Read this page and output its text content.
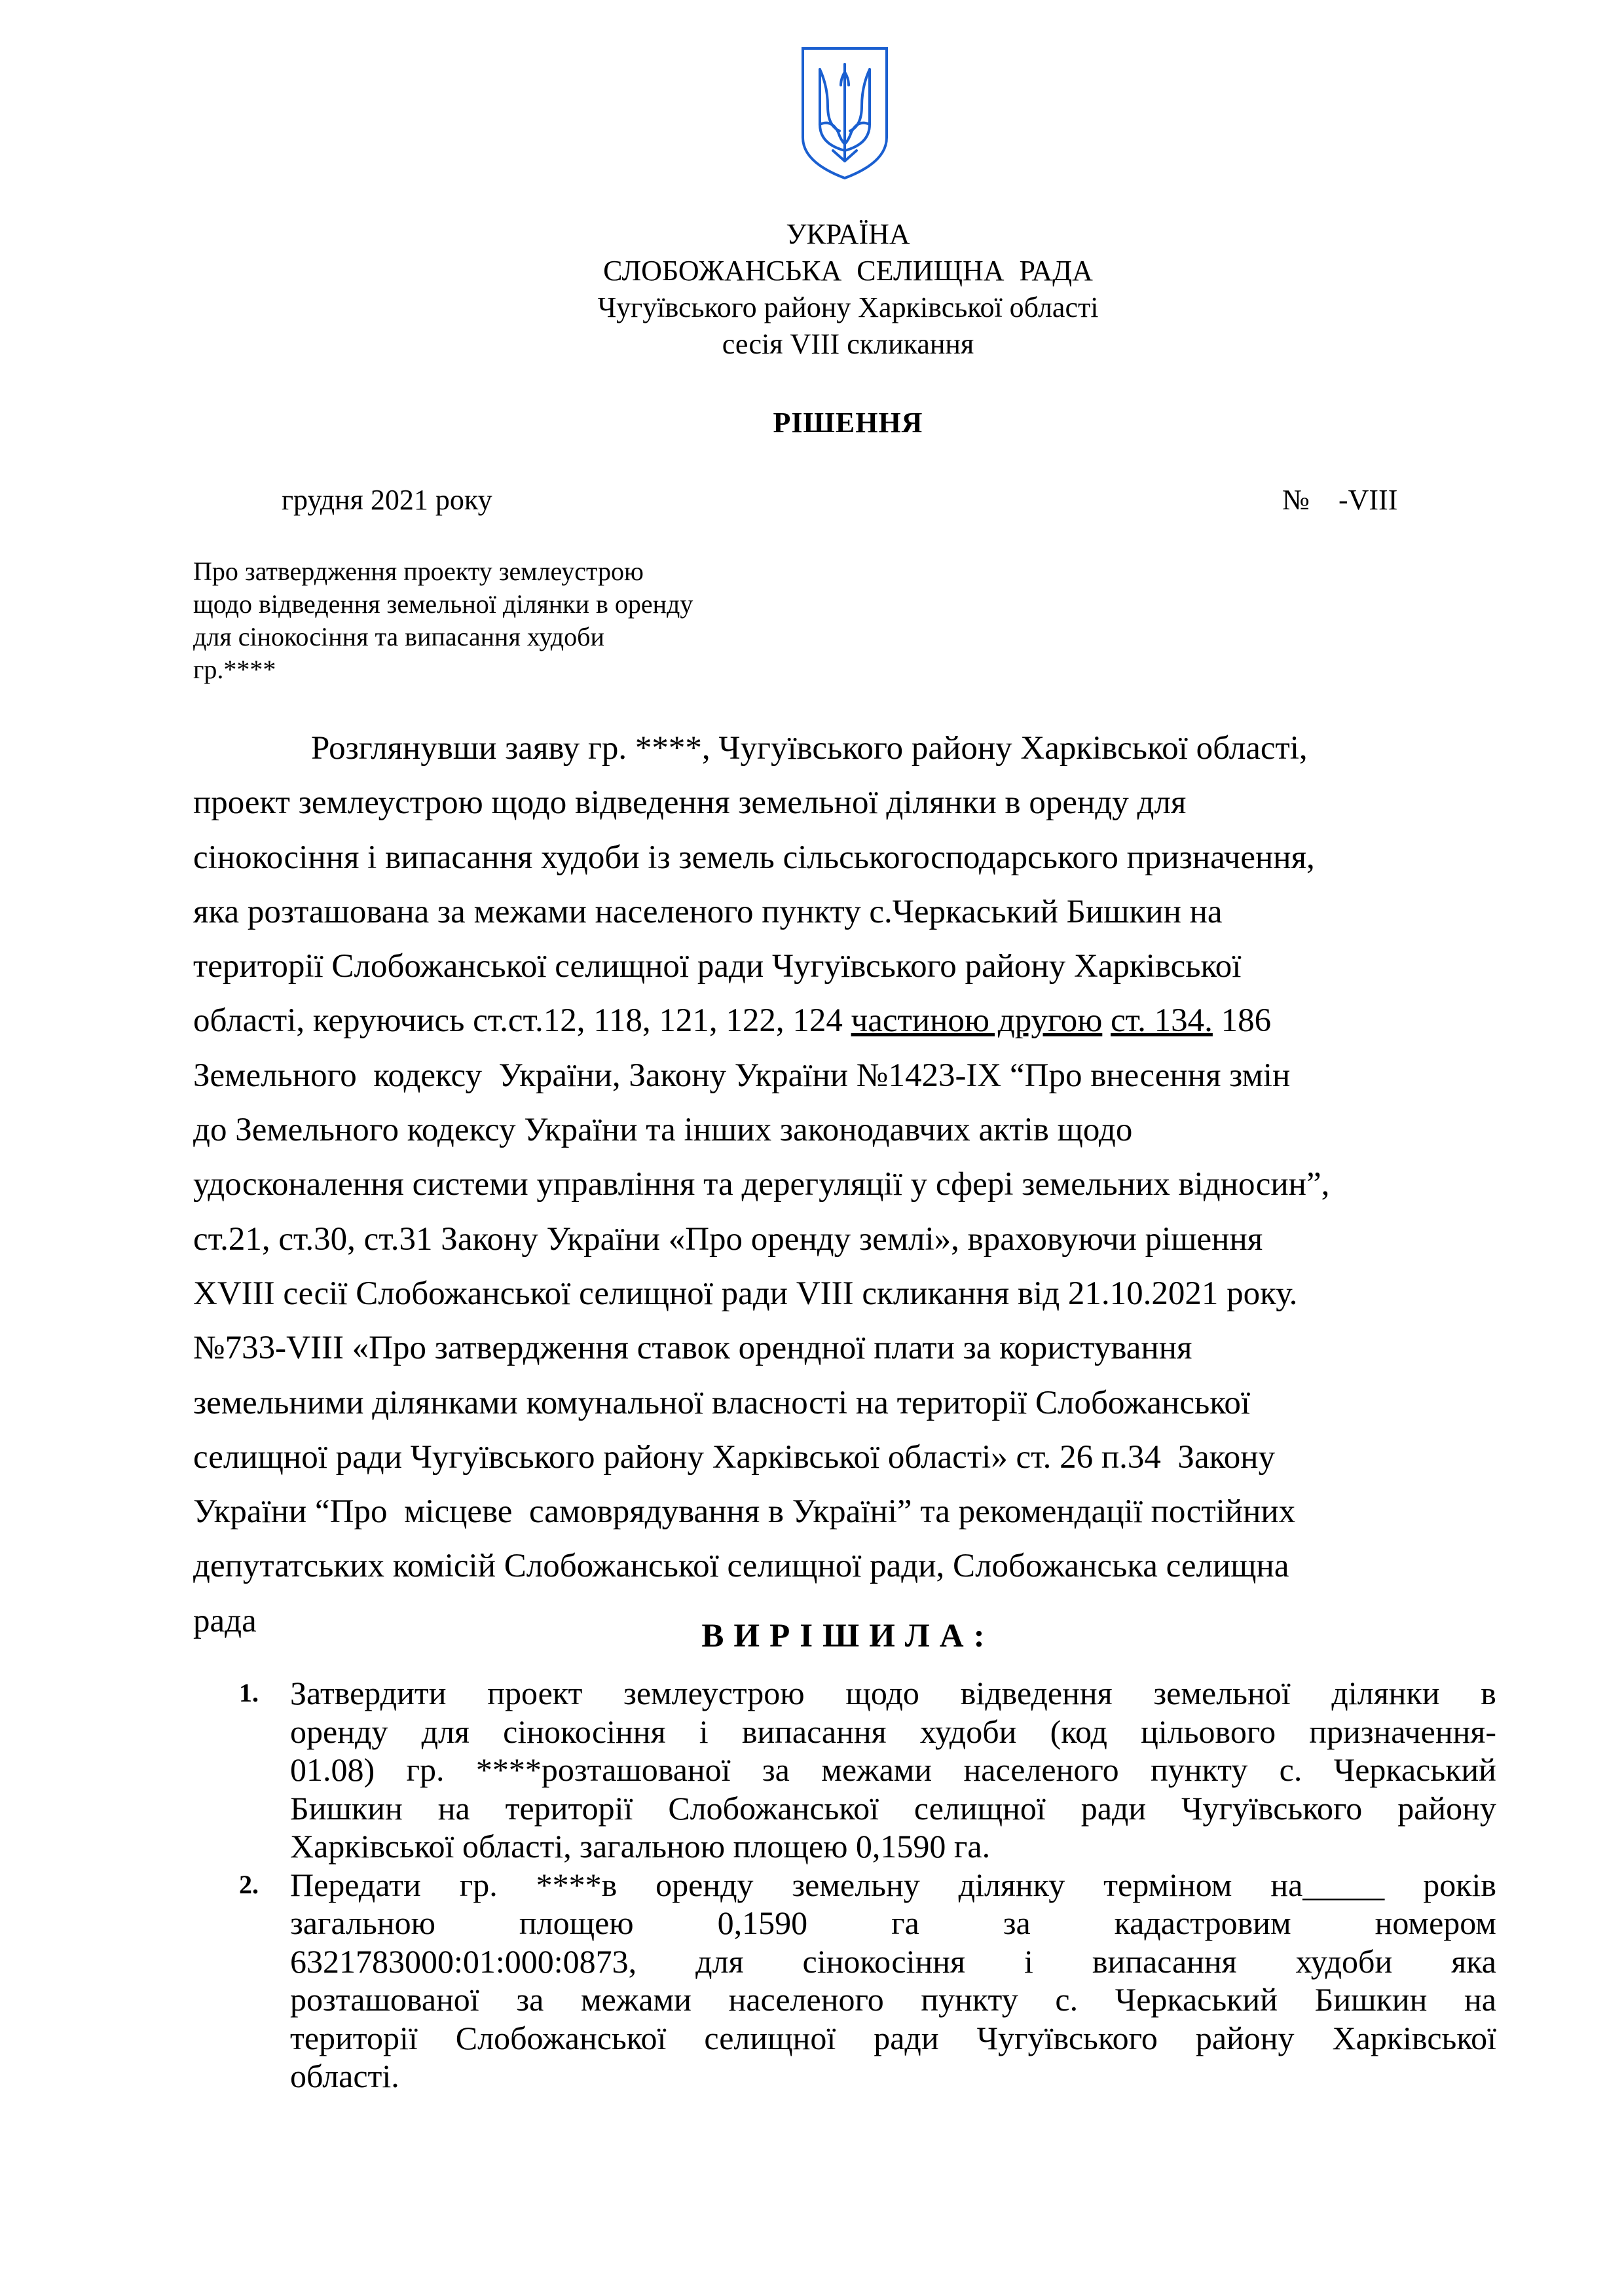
УКРАЇНА
СЛОБОЖАНСЬКА СЕЛИЩНА РАДА
Чугуївського району Харківської області
сесія VIII скликання
РІШЕННЯ
грудня 2021 року	№    -VIII
Про затвердження проекту землеустрою
щодо відведення земельної ділянки в оренду
для сінокосіння та випасання худоби
гр.****
Розглянувши заяву гр. ****, Чугуївського району Харківської області,
проект землеустрою щодо відведення земельної ділянки в оренду для
сінокосіння і випасання худоби із земель сільськогосподарського призначення,
яка розташована за межами населеного пункту с.Черкаський Бишкин на
території Слобожанської селищної ради Чугуївського району Харківської
області, керуючись ст.ст.12, 118, 121, 122, 124 частиною другою ст. 134. 186
Земельного  кодексу  України, Закону України №1423-IX “Про внесення змін
до Земельного кодексу України та інших законодавчих актів щодо
удосконалення системи управління та дерегуляції у сфері земельних відносин”,
ст.21, ст.30, ст.31 Закону України «Про оренду землі», враховуючи рішення
XVIII сесії Слобожанської селищної ради VIII скликання від 21.10.2021 року.
№733-VIII «Про затвердження ставок орендної плати за користування
земельними ділянками комунальної власності на території Слобожанської
селищної ради Чугуївського району Харківської області» ст. 26 п.34  Закону
України “Про  місцеве  самоврядування в Україні” та рекомендації постійних
депутатських комісій Слобожанської селищної ради, Слобожанська селищна
рада	ВИРІШИЛА:
1. Затвердити проект землеустрою щодо відведення земельної ділянки в
оренду для сінокосіння і випасання худоби (код цільового призначення-
01.08) гр. ****розташованої за межами населеного пункту с. Черкаський
Бишкин на території Слобожанської селищної ради Чугуївського району
Харківської області, загальною площею 0,1590 га.
2. Передати гр. ****в оренду земельну ділянку терміном на_____ років
загальною	площею	0,1590	га	за	кадастровим	номером
6321783000:01:000:0873, для сінокосіння і випасання худоби яка
розташованої за межами населеного пункту с. Черкаський Бишкин на
території Слобожанської селищної ради Чугуївського району Харківської
області.
